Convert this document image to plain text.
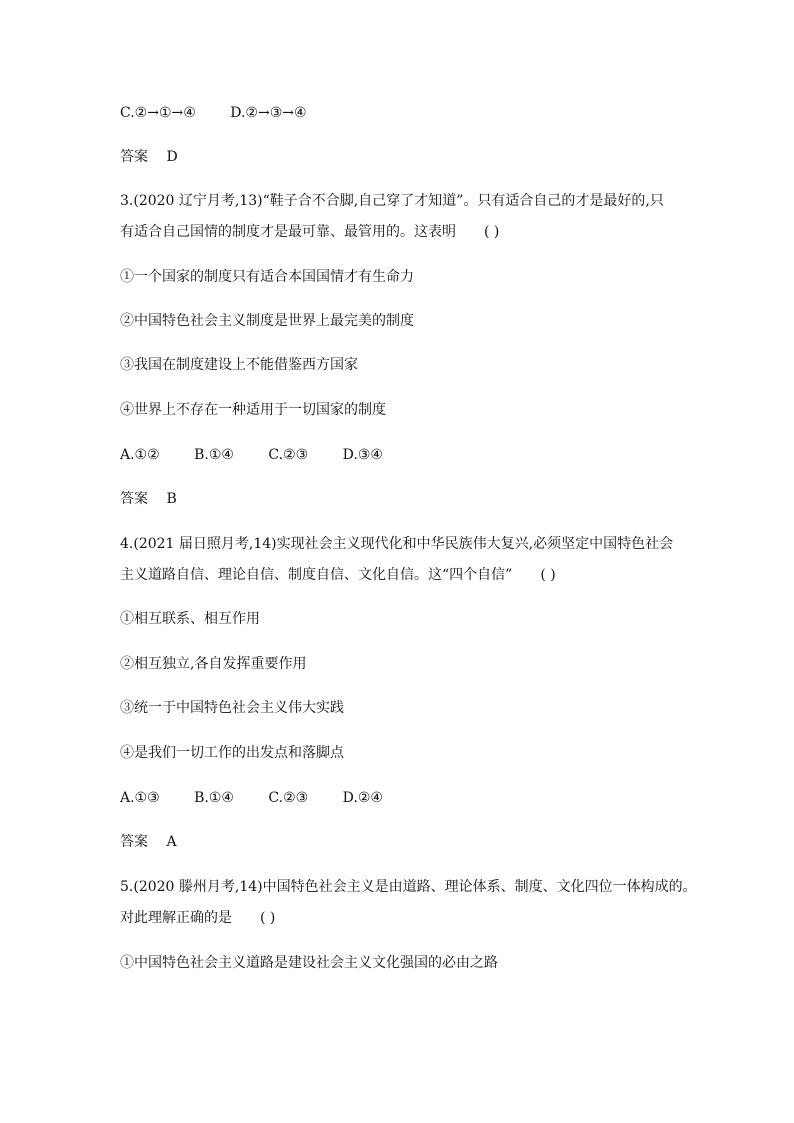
C.②→①→④ D.②→③→④
答案 D
3.(2020 辽宁月考,13)“鞋子合不合脚,自己穿了才知道”。只有适合自己的才是最好的,只
有适合自己国情的制度才是最可靠、最管用的。这表明 ( )
①一个国家的制度只有适合本国国情才有生命力
②中国特色社会主义制度是世界上最完美的制度
③我国在制度建设上不能借鉴西方国家
④世界上不存在一种适用于一切国家的制度
A.①② B.①④ C.②③ D.③④
答案 B
4.(2021 届日照月考,14)实现社会主义现代化和中华民族伟大复兴,必须坚定中国特色社会
主义道路自信、理论自信、制度自信、文化自信。这“四个自信” ( )
①相互联系、相互作用
②相互独立,各自发挥重要作用
③统一于中国特色社会主义伟大实践
④是我们一切工作的出发点和落脚点
A.①③ B.①④ C.②③ D.②④
答案 A
5.(2020 滕州月考,14)中国特色社会主义是由道路、理论体系、制度、文化四位一体构成的。
对此理解正确的是 ( )
①中国特色社会主义道路是建设社会主义文化强国的必由之路
